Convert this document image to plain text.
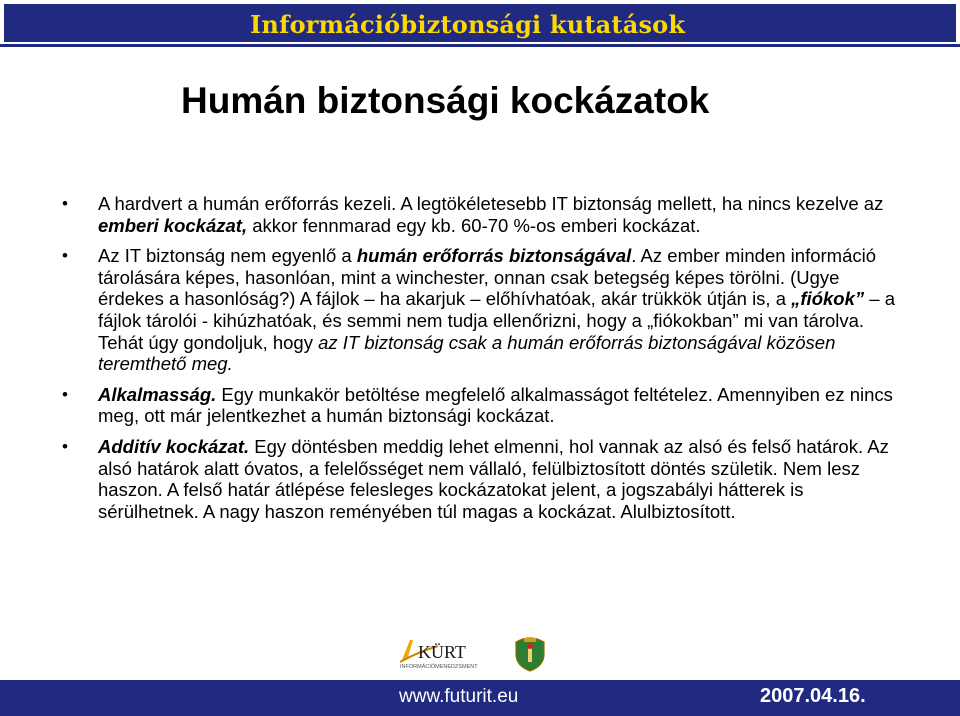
Információbiztonsági kutatások
Humán biztonsági kockázatok
• A hardvert a humán erőforrás kezeli. A legtökéletesebb IT biztonság mellett, ha nincs kezelve az emberi kockázat, akkor fennmarad egy kb. 60-70 %-os emberi kockázat.
• Az IT biztonság nem egyenlő a humán erőforrás biztonságával. Az ember minden információ tárolására képes, hasonlóan, mint a winchester, onnan csak betegség képes törölni. (Ugye érdekes a hasonlóság?) A fájlok – ha akarjuk – előhívhatóak, akár trükkök útján is, a „fiókok” – a fájlok tárolói - kihúzhatóak, és semmi nem tudja ellenőrizni, hogy a „fiókokban” mi van tárolva. Tehát úgy gondoljuk, hogy az IT biztonság csak a humán erőforrás biztonságával közösen teremthető meg.
• Alkalmasság. Egy munkakör betöltése megfelelő alkalmasságot feltételez. Amennyiben ez nincs meg, ott már jelentkezhet a humán biztonsági kockázat.
• Additív kockázat. Egy döntésben meddig lehet elmenni, hol vannak az alsó és felső határok. Az alsó határok alatt óvatos, a felelősséget nem vállaló, felülbiztosított döntés születik. Nem lesz haszon. A felső határ átlépése felesleges kockázatokat jelent, a jogszabályi hátterek is sérülhetnek. A nagy haszon reményében túl magas a kockázat. Alulbiztosított.
KÜRT
INFORMÁCIÓMENEDZSMENT
www.futurit.eu	2007.04.16.
